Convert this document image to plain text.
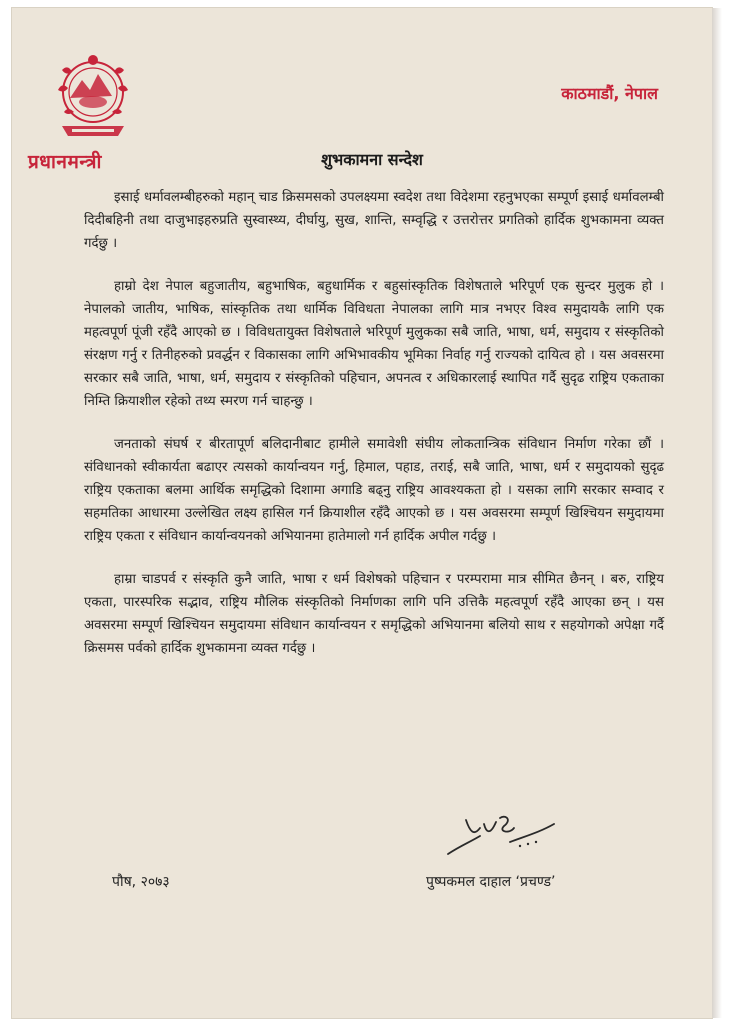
प्रधानमन्त्री
काठमाडौं, नेपाल
शुभकामना सन्देश

इसाई धर्मावलम्बीहरुको महान् चाड क्रिसमसको उपलक्ष्यमा स्वदेश तथा विदेशमा रहनुभएका सम्पूर्ण इसाई धर्मावलम्बी दिदीबहिनी तथा दाजुभाइहरुप्रति सुस्वास्थ्य, दीर्घायु, सुख, शान्ति, सम्वृद्धि र उत्तरोत्तर प्रगतिको हार्दिक शुभकामना व्यक्त गर्दछु ।

हाम्रो देश नेपाल बहुजातीय, बहुभाषिक, बहुधार्मिक र बहुसांस्कृतिक विशेषताले भरिपूर्ण एक सुन्दर मुलुक हो । नेपालको जातीय, भाषिक, सांस्कृतिक तथा धार्मिक विविधता नेपालका लागि मात्र नभएर विश्व समुदायकै लागि एक महत्वपूर्ण पूंजी रहँदै आएको छ । विविधतायुक्त विशेषताले भरिपूर्ण मुलुकका सबै जाति, भाषा, धर्म, समुदाय र संस्कृतिको संरक्षण गर्नु र तिनीहरुको प्रवर्द्धन र विकासका लागि अभिभावकीय भूमिका निर्वाह गर्नु राज्यको दायित्व हो । यस अवसरमा सरकार सबै जाति, भाषा, धर्म, समुदाय र संस्कृतिको पहिचान, अपनत्व र अधिकारलाई स्थापित गर्दै सुदृढ राष्ट्रिय एकताका निम्ति क्रियाशील रहेको तथ्य स्मरण गर्न चाहन्छु ।

जनताको संघर्ष र बीरतापूर्ण बलिदानीबाट हामीले समावेशी संघीय लोकतान्त्रिक संविधान निर्माण गरेका छौं । संविधानको स्वीकार्यता बढाएर त्यसको कार्यान्वयन गर्नु, हिमाल, पहाड, तराई, सबै जाति, भाषा, धर्म र समुदायको सुदृढ राष्ट्रिय एकताका बलमा आर्थिक समृद्धिको दिशामा अगाडि बढ्नु राष्ट्रिय आवश्यकता हो । यसका लागि सरकार सम्वाद र सहमतिका आधारमा उल्लेखित लक्ष्य हासिल गर्न क्रियाशील रहँदै आएको छ । यस अवसरमा सम्पूर्ण खिश्चियन समुदायमा राष्ट्रिय एकता र संविधान कार्यान्वयनको अभियानमा हातेमालो गर्न हार्दिक अपील गर्दछु ।

हाम्रा चाडपर्व र संस्कृति कुनै जाति, भाषा र धर्म विशेषको पहिचान र परम्परामा मात्र सीमित छैनन् । बरु, राष्ट्रिय एकता, पारस्परिक सद्भाव, राष्ट्रिय मौलिक संस्कृतिको निर्माणका लागि पनि उत्तिकै महत्वपूर्ण रहँदै आएका छन् । यस अवसरमा सम्पूर्ण खिश्चियन समुदायमा संविधान कार्यान्वयन र समृद्धिको अभियानमा बलियो साथ र सहयोगको अपेक्षा गर्दै क्रिसमस पर्वको हार्दिक शुभकामना व्यक्त गर्दछु ।

पौष, २०७३	पुष्पकमल दाहाल ‘प्रचण्ड’
